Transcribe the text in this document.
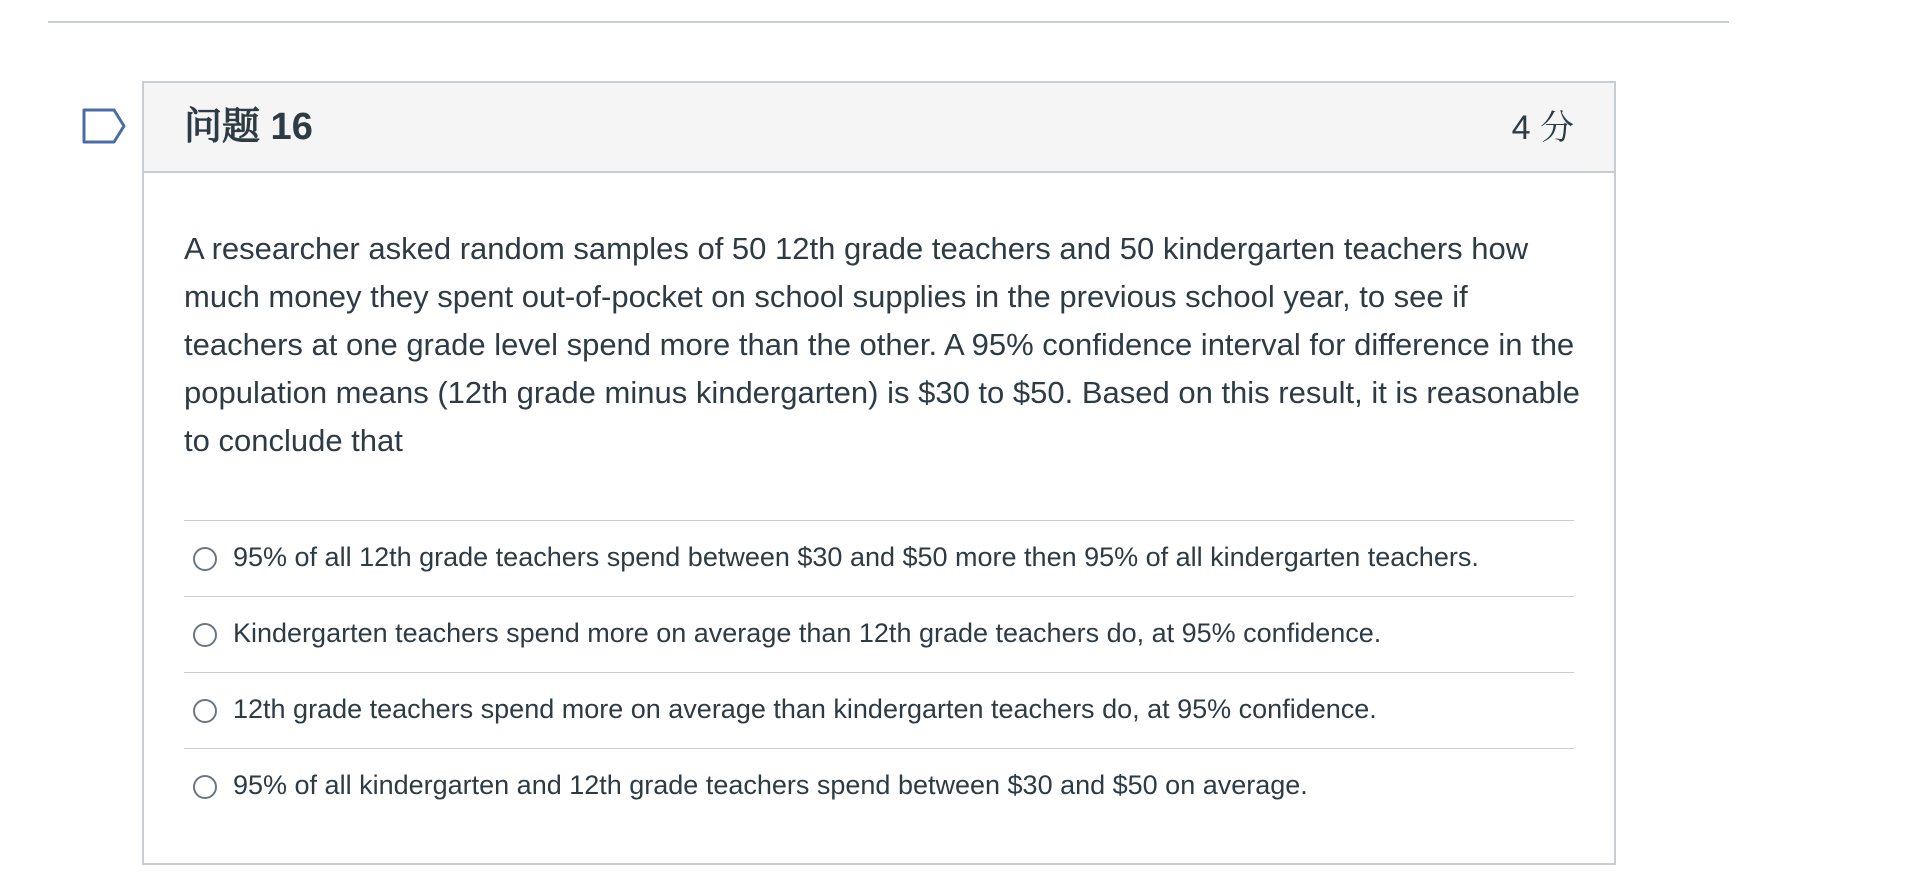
问题 16	4 分

A researcher asked random samples of 50 12th grade teachers and 50 kindergarten teachers how much money they spent out-of-pocket on school supplies in the previous school year, to see if teachers at one grade level spend more than the other. A 95% confidence interval for difference in the population means (12th grade minus kindergarten) is $30 to $50. Based on this result, it is reasonable to conclude that

95% of all 12th grade teachers spend between $30 and $50 more then 95% of all kindergarten teachers.
Kindergarten teachers spend more on average than 12th grade teachers do, at 95% confidence.
12th grade teachers spend more on average than kindergarten teachers do, at 95% confidence.
95% of all kindergarten and 12th grade teachers spend between $30 and $50 on average.
